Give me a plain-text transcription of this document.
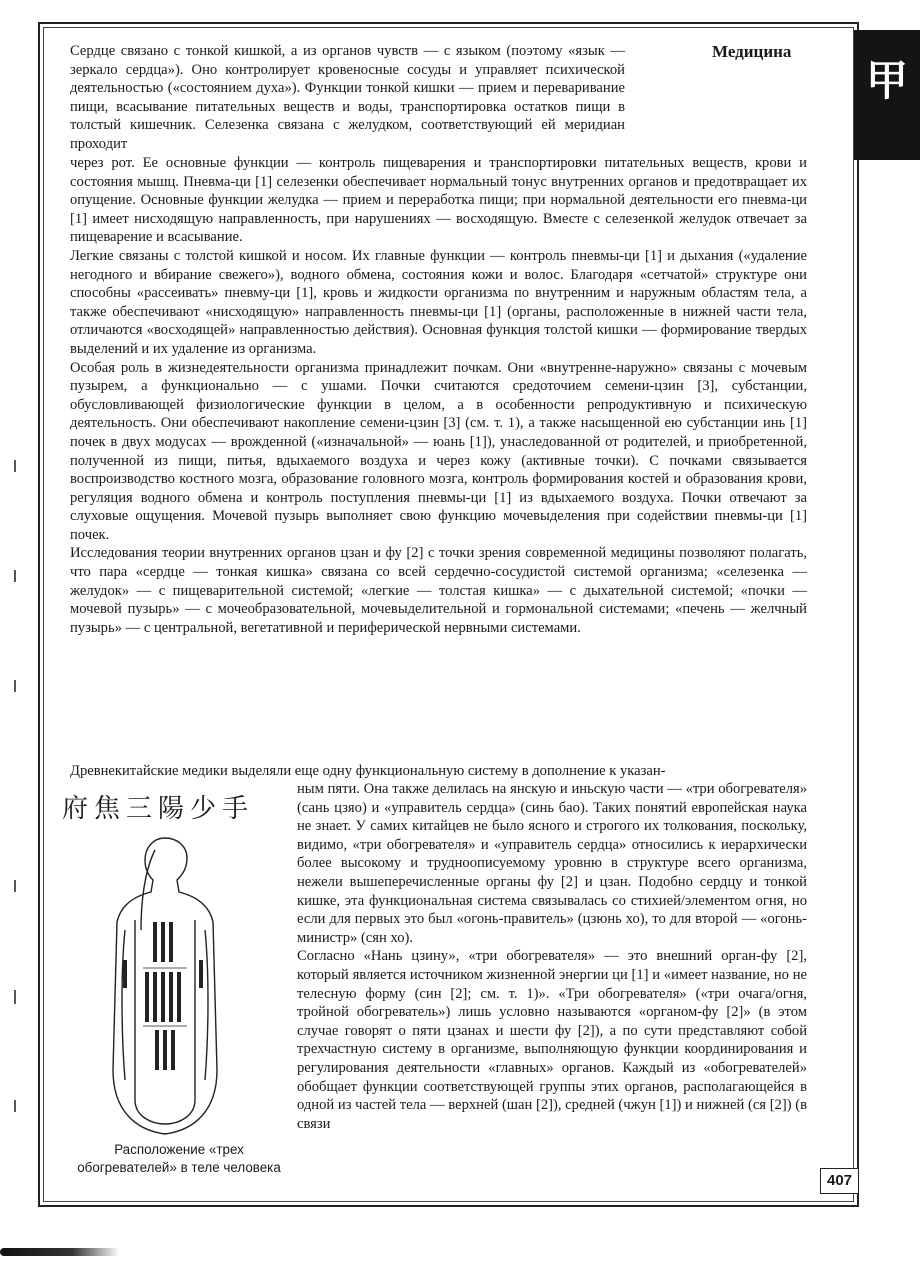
甲
Медицина

Сердце связано с тонкой кишкой, а из органов чувств — с языком (поэтому «язык — зеркало сердца»). Оно контролирует кровеносные сосуды и управляет психической деятельностью («состоянием духа»). Функции тонкой кишки — прием и переваривание пищи, всасывание питательных веществ и воды, транспортировка остатков пищи в толстый кишечник. Селезенка связана с желудком, соответствующий ей меридиан проходит

через рот. Ее основные функции — контроль пищеварения и транспортировки питательных веществ, крови и состояния мышц. Пневма-ци [1] селезенки обеспечивает нормальный тонус внутренних органов и предотвращает их опущение. Основные функции желудка — прием и переработка пищи; при нормальной деятельности его пневма-ци [1] имеет нисходящую направленность, при нарушениях — восходящую. Вместе с селезенкой желудок отвечает за пищеварение и всасывание.

Легкие связаны с толстой кишкой и носом. Их главные функции — контроль пневмы-ци [1] и дыхания («удаление негодного и вбирание свежего»), водного обмена, состояния кожи и волос. Благодаря «сетчатой» структуре они способны «рассеивать» пневму-ци [1], кровь и жидкости организма по внутренним и наружным областям тела, а также обеспечивают «нисходящую» направленность пневмы-ци [1] (органы, расположенные в нижней части тела, отличаются «восходящей» направленностью действия). Основная функция толстой кишки — формирование твердых выделений и их удаление из организма.

Особая роль в жизнедеятельности организма принадлежит почкам. Они «внутренне-наружно» связаны с мочевым пузырем, а функционально — с ушами. Почки считаются средоточием семени-цзин [3], субстанции, обусловливающей физиологические функции в целом, а в особенности репродуктивную и психическую деятельность. Они обеспечивают накопление семени-цзин [3] (см. т. 1), а также насыщенной ею субстанции инь [1] почек в двух модусах — врожденной («изначальной» — юань [1]), унаследованной от родителей, и приобретенной, полученной из пищи, питья, вдыхаемого воздуха и через кожу (активные точки). С почками связывается воспроизводство костного мозга, образование головного мозга, контроль формирования костей и образования крови, регуляция водного обмена и контроль поступления пневмы-ци [1] из вдыхаемого воздуха. Почки отвечают за слуховые ощущения. Мочевой пузырь выполняет свою функцию мочевыделения при содействии пневмы-ци [1] почек.

Исследования теории внутренних органов цзан и фу [2] с точки зрения современной медицины позволяют полагать, что пара «сердце — тонкая кишка» связана со всей сердечно-сосудистой системой организма; «селезенка — желудок» — с пищеварительной системой; «легкие — толстая кишка» — с дыхательной системой; «почки — мочевой пузырь» — с мочеобразовательной, мочевыделительной и гормональной системами; «печень — желчный пузырь» — с центральной, вегетативной и периферической нервными системами.

Древнекитайские медики выделяли еще одну функциональную систему в дополнение к указан-

府焦三陽少手
Расположение «трех обогревателей» в теле человека

ным пяти. Она также делилась на янскую и иньскую части — «три обогревателя» (сань цзяо) и «управитель сердца» (синь бао). Таких понятий европейская наука не знает. У самих китайцев не было ясного и строгого их толкования, поскольку, видимо, «три обогревателя» и «управитель сердца» относились к иерархически более высокому и трудноописуемому уровню в структуре всего организма, нежели вышеперечисленные органы фу [2] и цзан. Подобно сердцу и тонкой кишке, эта функциональная система связывалась со стихией/элементом огня, но если для первых это был «огонь-правитель» (цзюнь хо), то для второй — «огонь-министр» (сян хо).

Согласно «Нань цзину», «три обогревателя» — это внешний орган-фу [2], который является источником жизненной энергии ци [1] и «имеет название, но не телесную форму (син [2]; см. т. 1)». «Три обогревателя» («три очага/огня, тройной обогреватель») лишь условно называются «органом-фу [2]» (в этом случае говорят о пяти цзанах и шести фу [2]), а по сути представляют собой трехчастную систему в организме, выполняющую функции координирования и регулирования деятельности «главных» органов. Каждый из «обогревателей» обобщает функции соответствующей группы этих органов, располагающейся в одной из частей тела — верхней (шан [2]), средней (чжун [1]) и нижней (ся [2]) (в связи

407
